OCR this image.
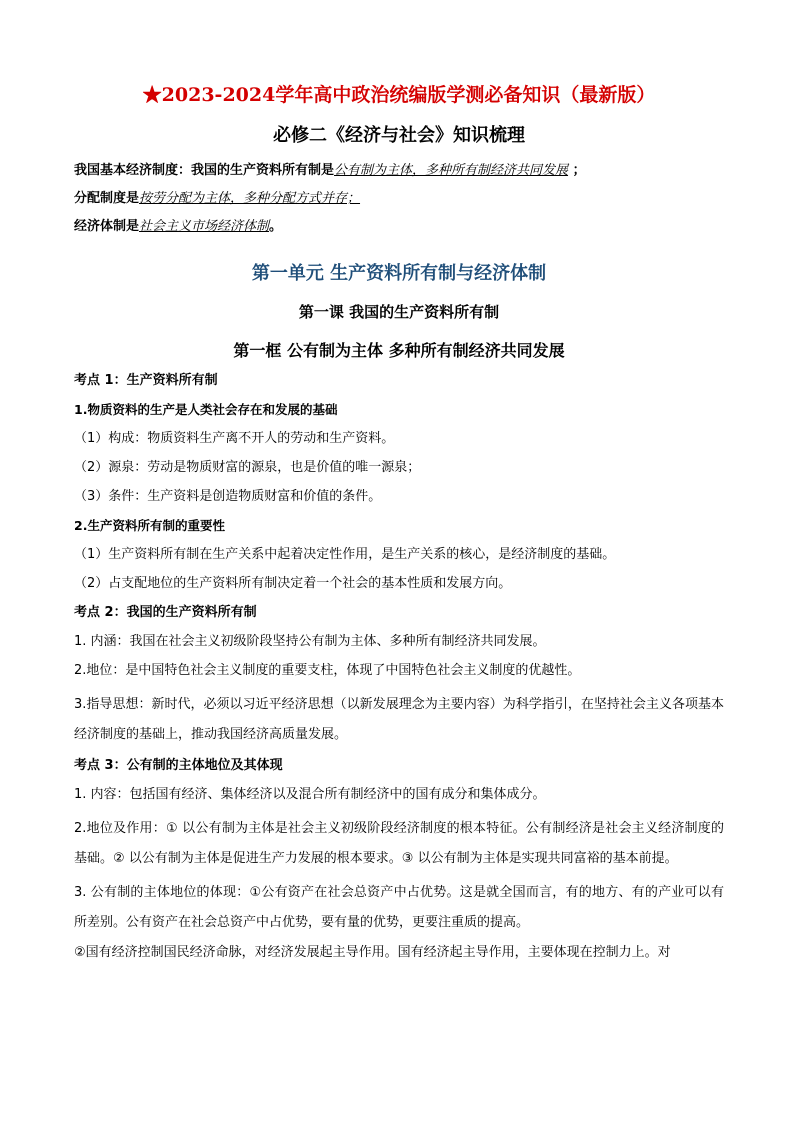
★2023-2024学年高中政治统编版学测必备知识（最新版）
必修二《经济与社会》知识梳理
我国基本经济制度：我国的生产资料所有制是公有制为主体，多种所有制经济共同发展 ；
分配制度是按劳分配为主体，多种分配方式并存；
经济体制是社会主义市场经济体制。
第一单元 生产资料所有制与经济体制
第一课 我国的生产资料所有制
第一框 公有制为主体 多种所有制经济共同发展
考点 1：生产资料所有制
1.物质资料的生产是人类社会存在和发展的基础
（1）构成：物质资料生产离不开人的劳动和生产资料。
（2）源泉：劳动是物质财富的源泉，也是价值的唯一源泉；
（3）条件：生产资料是创造物质财富和价值的条件。
2.生产资料所有制的重要性
（1）生产资料所有制在生产关系中起着决定性作用，是生产关系的核心，是经济制度的基础。
（2）占支配地位的生产资料所有制决定着一个社会的基本性质和发展方向。
考点 2：我国的生产资料所有制
1. 内涵：我国在社会主义初级阶段坚持公有制为主体、多种所有制经济共同发展。
2.地位：是中国特色社会主义制度的重要支柱，体现了中国特色社会主义制度的优越性。
3.指导思想：新时代，必须以习近平经济思想（以新发展理念为主要内容）为科学指引，在坚持社会主义各项基本经济制度的基础上，推动我国经济高质量发展。
考点 3：公有制的主体地位及其体现
1. 内容：包括国有经济、集体经济以及混合所有制经济中的国有成分和集体成分。
2.地位及作用：① 以公有制为主体是社会主义初级阶段经济制度的根本特征。公有制经济是社会主义经济制度的基础。② 以公有制为主体是促进生产力发展的根本要求。③ 以公有制为主体是实现共同富裕的基本前提。
3. 公有制的主体地位的体现：①公有资产在社会总资产中占优势。这是就全国而言，有的地方、有的产业可以有所差别。公有资产在社会总资产中占优势，要有量的优势，更要注重质的提高。
②国有经济控制国民经济命脉，对经济发展起主导作用。国有经济起主导作用，主要体现在控制力上。对
